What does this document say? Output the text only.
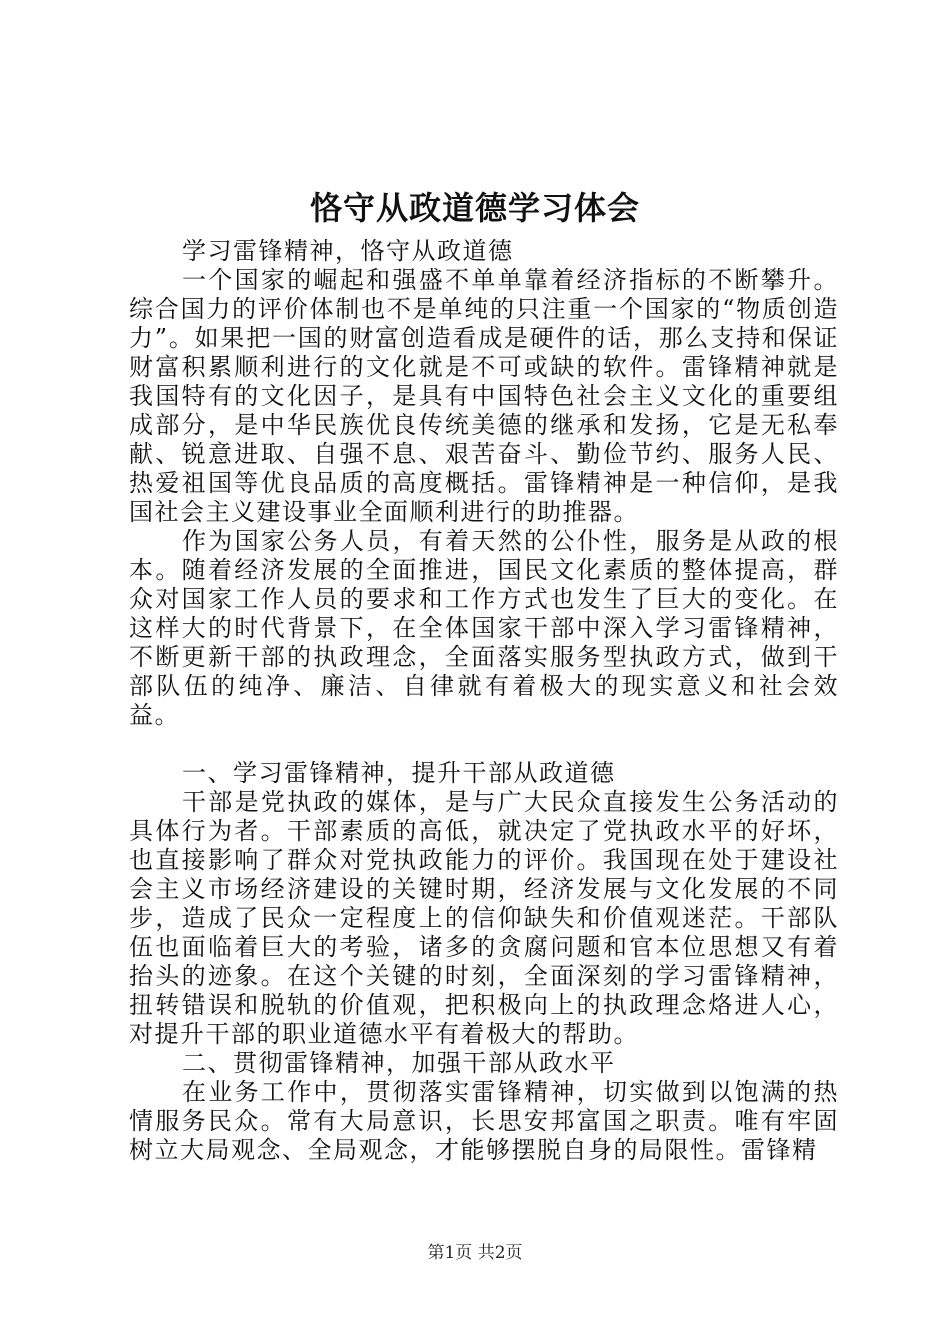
恪守从政道德学习体会

学习雷锋精神，恪守从政道德

一个国家的崛起和强盛不单单靠着经济指标的不断攀升。综合国力的评价体制也不是单纯的只注重一个国家的“物质创造力”。如果把一国的财富创造看成是硬件的话，那么支持和保证财富积累顺利进行的文化就是不可或缺的软件。雷锋精神就是我国特有的文化因子，是具有中国特色社会主义文化的重要组成部分，是中华民族优良传统美德的继承和发扬，它是无私奉献、锐意进取、自强不息、艰苦奋斗、勤俭节约、服务人民、热爱祖国等优良品质的高度概括。雷锋精神是一种信仰，是我国社会主义建设事业全面顺利进行的助推器。

作为国家公务人员，有着天然的公仆性，服务是从政的根本。随着经济发展的全面推进，国民文化素质的整体提高，群众对国家工作人员的要求和工作方式也发生了巨大的变化。在这样大的时代背景下，在全体国家干部中深入学习雷锋精神，不断更新干部的执政理念，全面落实服务型执政方式，做到干部队伍的纯净、廉洁、自律就有着极大的现实意义和社会效益。

一、学习雷锋精神，提升干部从政道德

干部是党执政的媒体，是与广大民众直接发生公务活动的具体行为者。干部素质的高低，就决定了党执政水平的好坏，也直接影响了群众对党执政能力的评价。我国现在处于建设社会主义市场经济建设的关键时期，经济发展与文化发展的不同步，造成了民众一定程度上的信仰缺失和价值观迷茫。干部队伍也面临着巨大的考验，诸多的贪腐问题和官本位思想又有着抬头的迹象。在这个关键的时刻，全面深刻的学习雷锋精神，扭转错误和脱轨的价值观，把积极向上的执政理念烙进人心，对提升干部的职业道德水平有着极大的帮助。

二、贯彻雷锋精神，加强干部从政水平

在业务工作中，贯彻落实雷锋精神，切实做到以饱满的热情服务民众。常有大局意识，长思安邦富国之职责。唯有牢固树立大局观念、全局观念，才能够摆脱自身的局限性。雷锋精

第1页 共2页
